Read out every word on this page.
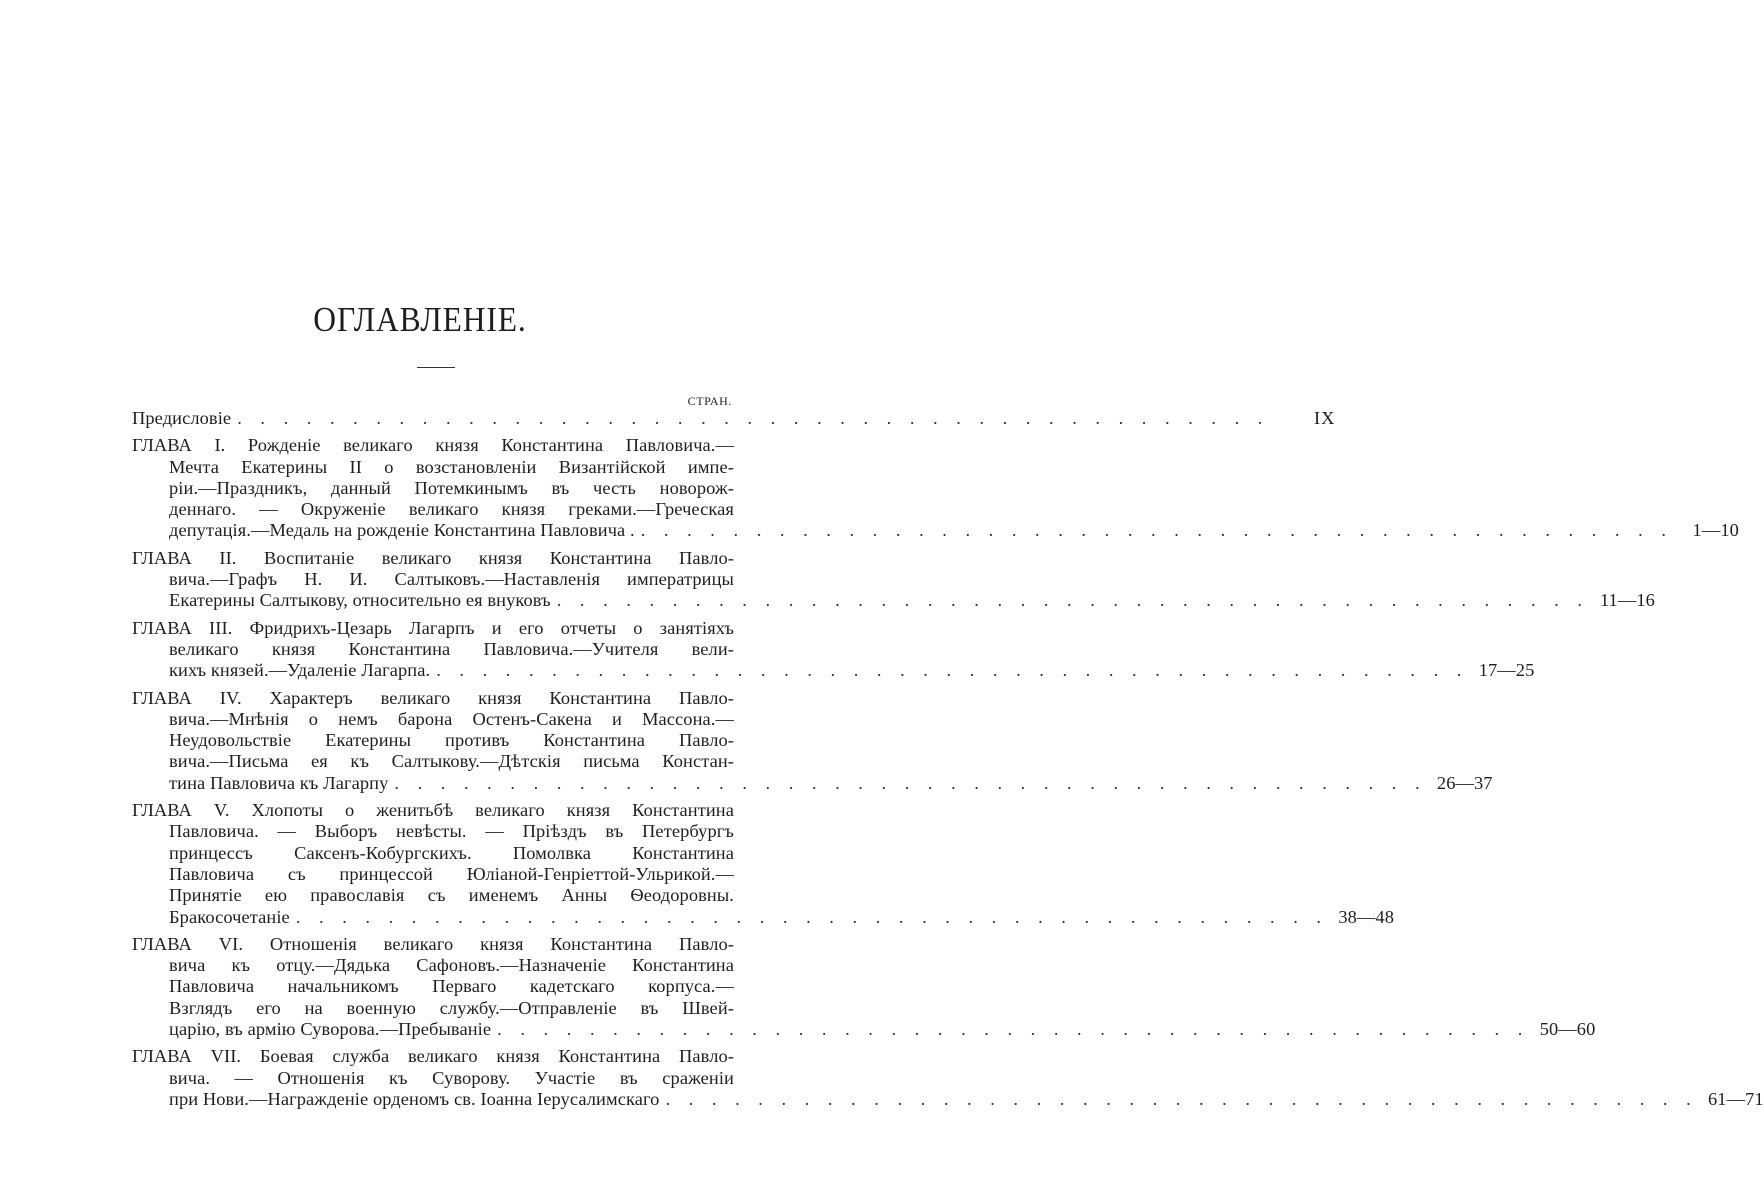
ОГЛАВЛЕНІЕ.
СТРАН.
Предисловіе . . . . . . . . . . . . . . . . . . . . . . . . . . . . . . . . . . . . . . . . . . . . .	IX
ГЛАВА I. Рожденіе великаго князя Константина Павловича.—
Мечта Екатерины II о возстановленіи Византійской импе-
ріи.—Праздникъ, данный Потемкинымъ въ честь новорож-
деннаго. — Окруженіе великаго князя греками.—Греческая
депутація.—Медаль на рожденіе Константина Павловича . . . . . . . . . . . . . . . . . . . . . . . . . . . . . . . . . . . . . . . . . . . . . .	1—10
ГЛАВА II. Воспитаніе великаго князя Константина Павло-
вича.—Графъ Н. И. Салтыковъ.—Наставленія императрицы
Екатерины Салтыкову, относительно ея внуковъ . . . . . . . . . . . . . . . . . . . . . . . . . . . . . . . . . . . . . . . . . . . . . 11—16
ГЛАВА III. Фридрихъ-Цезарь Лагарпъ и его отчеты о занятіяхъ
великаго князя Константина Павловича.—Учителя вели-
кихъ князей.—Удаленіе Лагарпа. . . . . . . . . . . . . . . . . . . . . . . . . . . . . . . . . . . . . . . . . . . . . . 17—25
ГЛАВА IV. Характеръ великаго князя Константина Павло-
вича.—Мнѣнія о немъ барона Остенъ-Сакена и Массона.—
Неудовольствіе Екатерины противъ Константина Павло-
вича.—Письма ея къ Салтыкову.—Дѣтскія письма Констан-
тина Павловича къ Лагарпу . . . . . . . . . . . . . . . . . . . . . . . . . . . . . . . . . . . . . . . . . . . . . 26—37
ГЛАВА V. Хлопоты о женитьбѣ великаго князя Константина
Павловича. — Выборъ невѣсты. — Пріѣздъ въ Петербургъ
принцессъ Саксенъ-Кобургскихъ. Помолвка Константина
Павловича съ принцессой Юліаной-Генріеттой-Ульрикой.—
Принятіе ею православія съ именемъ Анны Ѳеодоровны.
Бракосочетаніе . . . . . . . . . . . . . . . . . . . . . . . . . . . . . . . . . . . . . . . . . . . . . 38—48
ГЛАВА VI. Отношенія великаго князя Константина Павло-
вича къ отцу.—Дядька Сафоновъ.—Назначеніе Константина
Павловича начальникомъ Перваго кадетскаго корпуса.—
Взглядъ его на военную службу.—Отправленіе въ Швей-
царію, въ армію Суворова.—Пребываніе . . . . . . . . . . . . . . . . . . . . . . . . . . . . . . . . . . . . . . . . . . . . . 50—60
ГЛАВА VII. Боевая служба великаго князя Константина Павло-
вича. — Отношенія къ Суворову. Участіе въ сраженіи
при Нови.—Награжденіе орденомъ св. Іоанна Іерусалимскаго . . . . . . . . . . . . . . . . . . . . . . . . . . . . . . . . . . . . . . . . . . . . . 61—71
